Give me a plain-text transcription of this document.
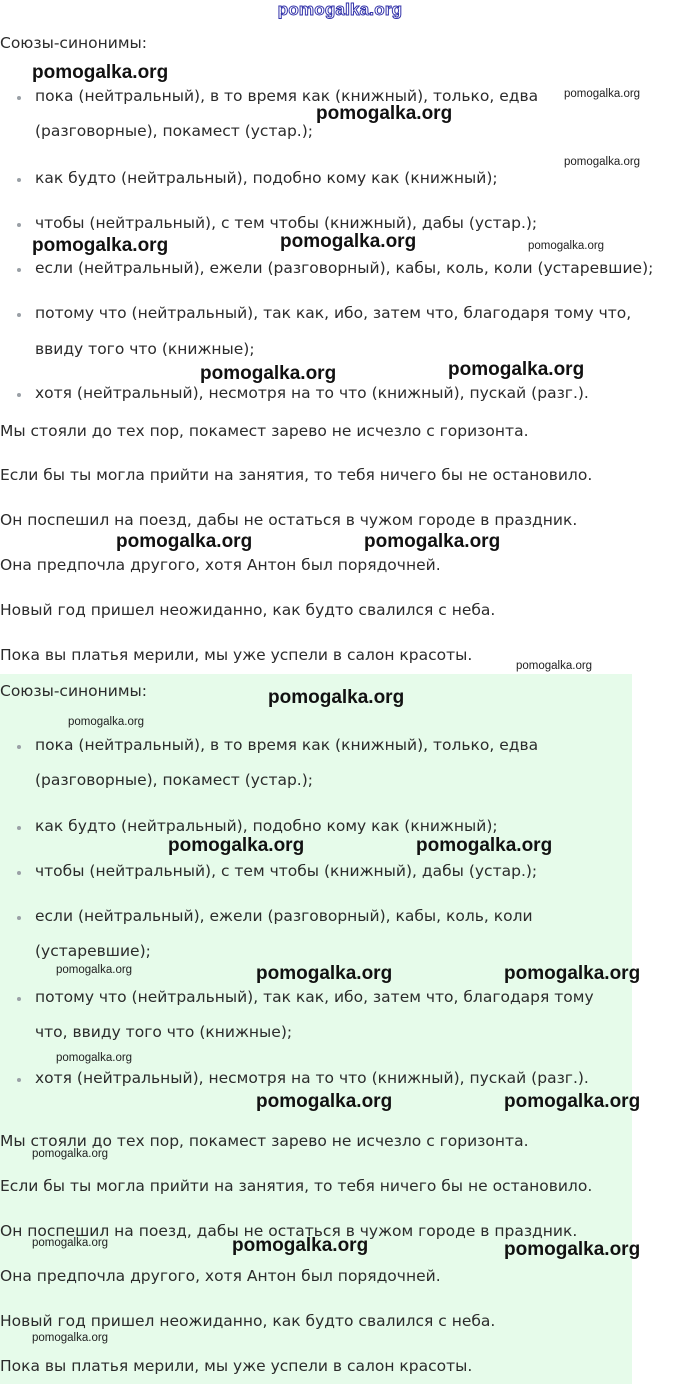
pomogalka.org
Союзы-синонимы:
пока (нейтральный), в то время как (книжный), только, едва
(разговорные), покамест (устар.);
как будто (нейтральный), подобно кому как (книжный);
чтобы (нейтральный), с тем чтобы (книжный), дабы (устар.);
если (нейтральный), ежели (разговорный), кабы, коль, коли (устаревшие);
потому что (нейтральный), так как, ибо, затем что, благодаря тому что,
ввиду того что (книжные);
хотя (нейтральный), несмотря на то что (книжный), пускай (разг.).
Мы стояли до тех пор, покамест зарево не исчезло с горизонта.
Если бы ты могла прийти на занятия, то тебя ничего бы не остановило.
Он поспешил на поезд, дабы не остаться в чужом городе в праздник.
Она предпочла другого, хотя Антон был порядочней.
Новый год пришел неожиданно, как будто свалился с неба.
Пока вы платья мерили, мы уже успели в салон красоты.
Союзы-синонимы:
пока (нейтральный), в то время как (книжный), только, едва
(разговорные), покамест (устар.);
как будто (нейтральный), подобно кому как (книжный);
чтобы (нейтральный), с тем чтобы (книжный), дабы (устар.);
если (нейтральный), ежели (разговорный), кабы, коль, коли
(устаревшие);
потому что (нейтральный), так как, ибо, затем что, благодаря тому
что, ввиду того что (книжные);
хотя (нейтральный), несмотря на то что (книжный), пускай (разг.).
Мы стояли до тех пор, покамест зарево не исчезло с горизонта.
Если бы ты могла прийти на занятия, то тебя ничего бы не остановило.
Он поспешил на поезд, дабы не остаться в чужом городе в праздник.
Она предпочла другого, хотя Антон был порядочней.
Новый год пришел неожиданно, как будто свалился с неба.
Пока вы платья мерили, мы уже успели в салон красоты.
pomogalka.org
pomogalka.org
pomogalka.org
pomogalka.org
pomogalka.org	pomogalka.org	pomogalka.org
pomogalka.org	pomogalka.org
pomogalka.org	pomogalka.org
pomogalka.org
pomogalka.org
pomogalka.org
pomogalka.org	pomogalka.org
pomogalka.org	pomogalka.org	pomogalka.org
pomogalka.org
pomogalka.org	pomogalka.org
pomogalka.org
pomogalka.org	pomogalka.org	pomogalka.org
pomogalka.org
